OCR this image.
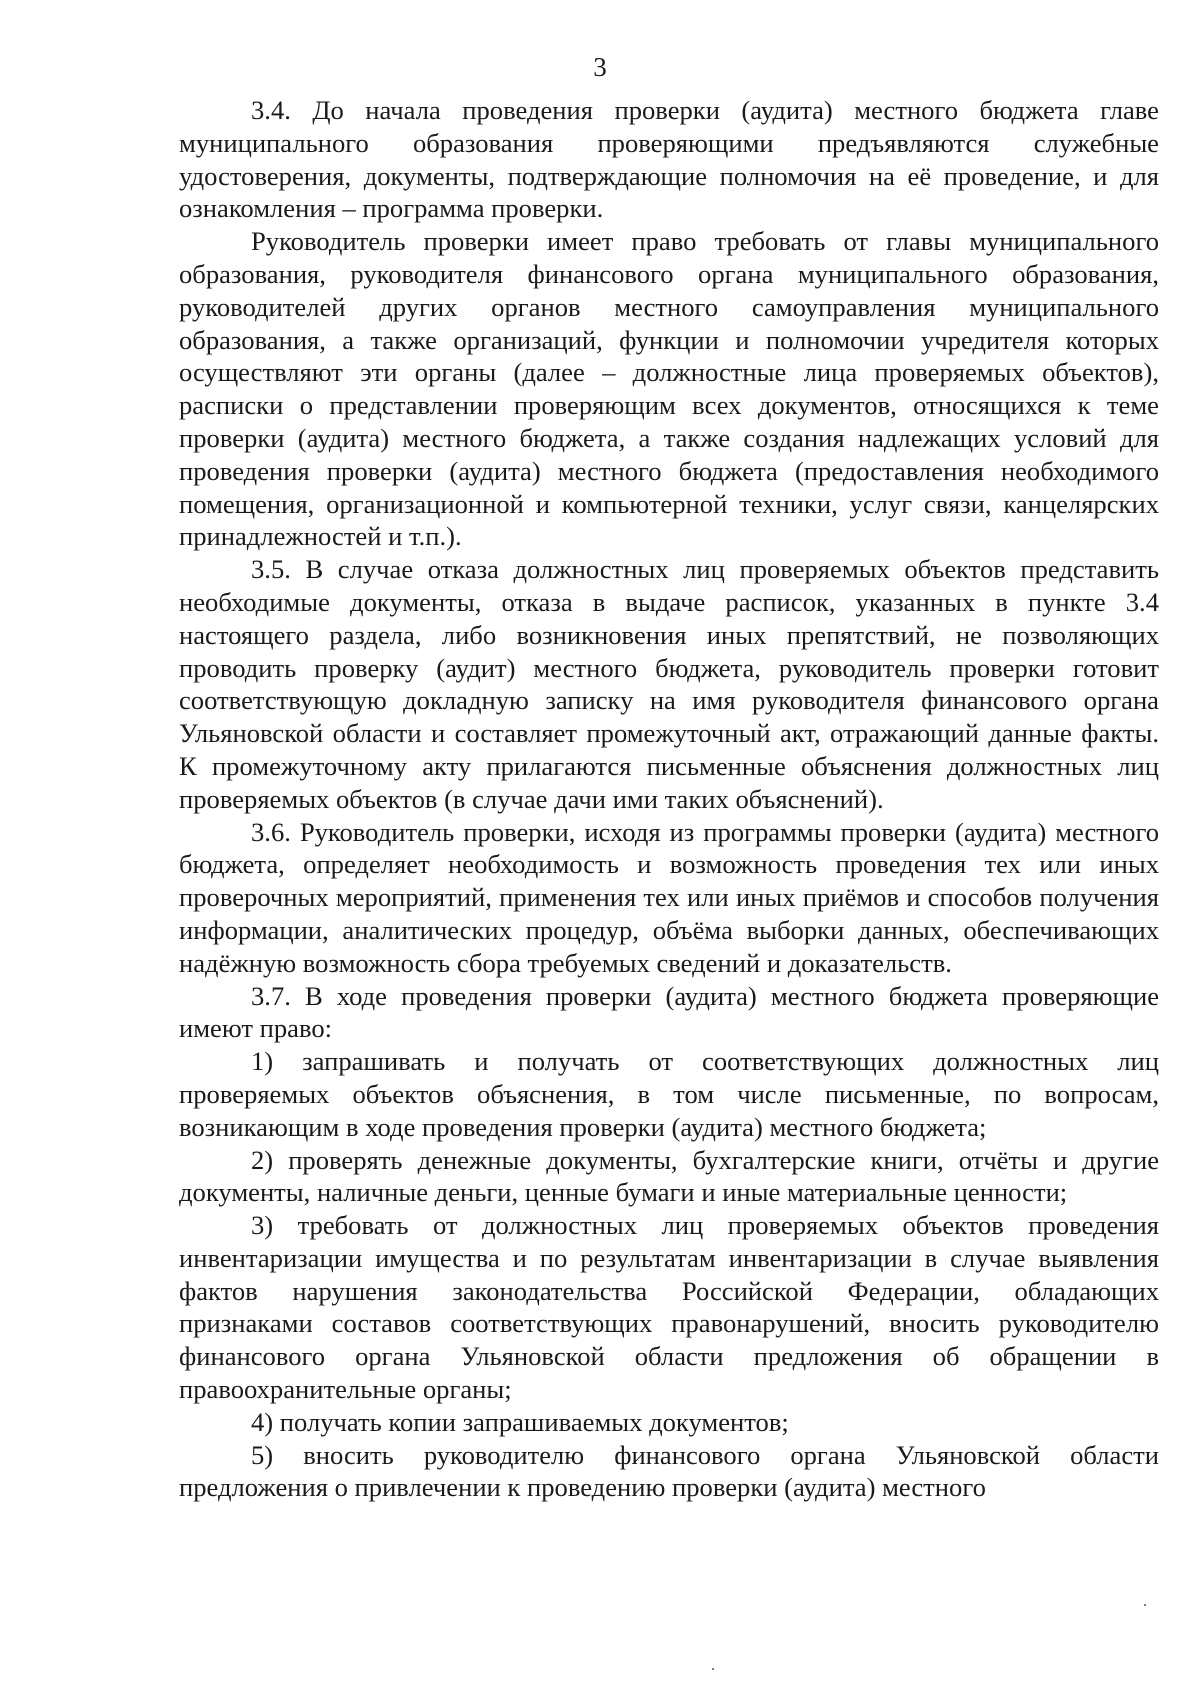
3

3.4. До начала проведения проверки (аудита) местного бюджета главе муниципального образования проверяющими предъявляются служебные удостоверения, документы, подтверждающие полномочия на её проведение, и для ознакомления – программа проверки.

Руководитель проверки имеет право требовать от главы муниципального образования, руководителя финансового органа муниципального образования, руководителей других органов местного самоуправления муниципального образования, а также организаций, функции и полномочии учредителя которых осуществляют эти органы (далее – должностные лица проверяемых объектов), расписки о представлении проверяющим всех документов, относящихся к теме проверки (аудита) местного бюджета, а также создания надлежащих условий для проведения проверки (аудита) местного бюджета (предоставления необходимого помещения, организационной и компьютерной техники, услуг связи, канцелярских принадлежностей и т.п.).

3.5. В случае отказа должностных лиц проверяемых объектов представить необходимые документы, отказа в выдаче расписок, указанных в пункте 3.4 настоящего раздела, либо возникновения иных препятствий, не позволяющих проводить проверку (аудит) местного бюджета, руководитель проверки готовит соответствующую докладную записку на имя руководителя финансового органа Ульяновской области и составляет промежуточный акт, отражающий данные факты. К промежуточному акту прилагаются письменные объяснения должностных лиц проверяемых объектов (в случае дачи ими таких объяснений).

3.6. Руководитель проверки, исходя из программы проверки (аудита) местного бюджета, определяет необходимость и возможность проведения тех или иных проверочных мероприятий, применения тех или иных приёмов и способов получения информации, аналитических процедур, объёма выборки данных, обеспечивающих надёжную возможность сбора требуемых сведений и доказательств.

3.7. В ходе проведения проверки (аудита) местного бюджета проверяющие имеют право:

1) запрашивать и получать от соответствующих должностных лиц проверяемых объектов объяснения, в том числе письменные, по вопросам, возникающим в ходе проведения проверки (аудита) местного бюджета;

2) проверять денежные документы, бухгалтерские книги, отчёты и другие документы, наличные деньги, ценные бумаги и иные материальные ценности;

3) требовать от должностных лиц проверяемых объектов проведения инвентаризации имущества и по результатам инвентаризации в случае выявления фактов нарушения законодательства Российской Федерации, обладающих признаками составов соответствующих правонарушений, вносить руководителю финансового органа Ульяновской области предложения об обращении в правоохранительные органы;

4) получать копии запрашиваемых документов;

5) вносить руководителю финансового органа Ульяновской области предложения о привлечении к проведению проверки (аудита) местного
